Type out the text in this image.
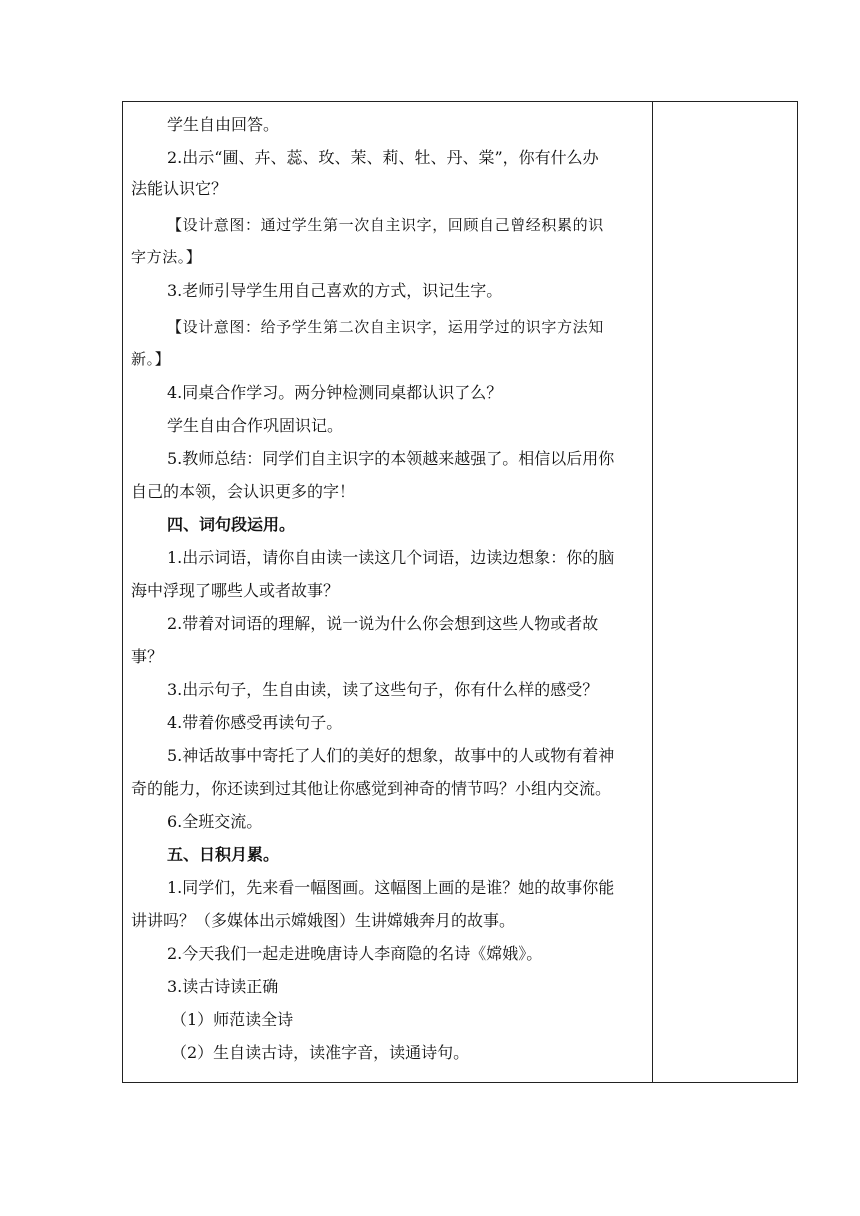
学生自由回答。
2.出示“圃、卉、蕊、玫、茉、莉、牡、丹、棠”，你有什么办
法能认识它？
【设计意图：通过学生第一次自主识字，回顾自己曾经积累的识
字方法。】
3.老师引导学生用自己喜欢的方式，识记生字。
【设计意图：给予学生第二次自主识字，运用学过的识字方法知
新。】
4.同桌合作学习。两分钟检测同桌都认识了么？
学生自由合作巩固识记。
5.教师总结：同学们自主识字的本领越来越强了。相信以后用你
自己的本领，会认识更多的字！
四、词句段运用。
1.出示词语，请你自由读一读这几个词语，边读边想象：你的脑
海中浮现了哪些人或者故事？
2.带着对词语的理解，说一说为什么你会想到这些人物或者故
事？
3.出示句子，生自由读，读了这些句子，你有什么样的感受？
4.带着你感受再读句子。
5.神话故事中寄托了人们的美好的想象，故事中的人或物有着神
奇的能力，你还读到过其他让你感觉到神奇的情节吗？小组内交流。
6.全班交流。
五、日积月累。
1.同学们，先来看一幅图画。这幅图上画的是谁？她的故事你能
讲讲吗？（多媒体出示嫦娥图）生讲嫦娥奔月的故事。
2.今天我们一起走进晚唐诗人李商隐的名诗《嫦娥》。
3.读古诗读正确
（1）师范读全诗
（2）生自读古诗，读准字音，读通诗句。
